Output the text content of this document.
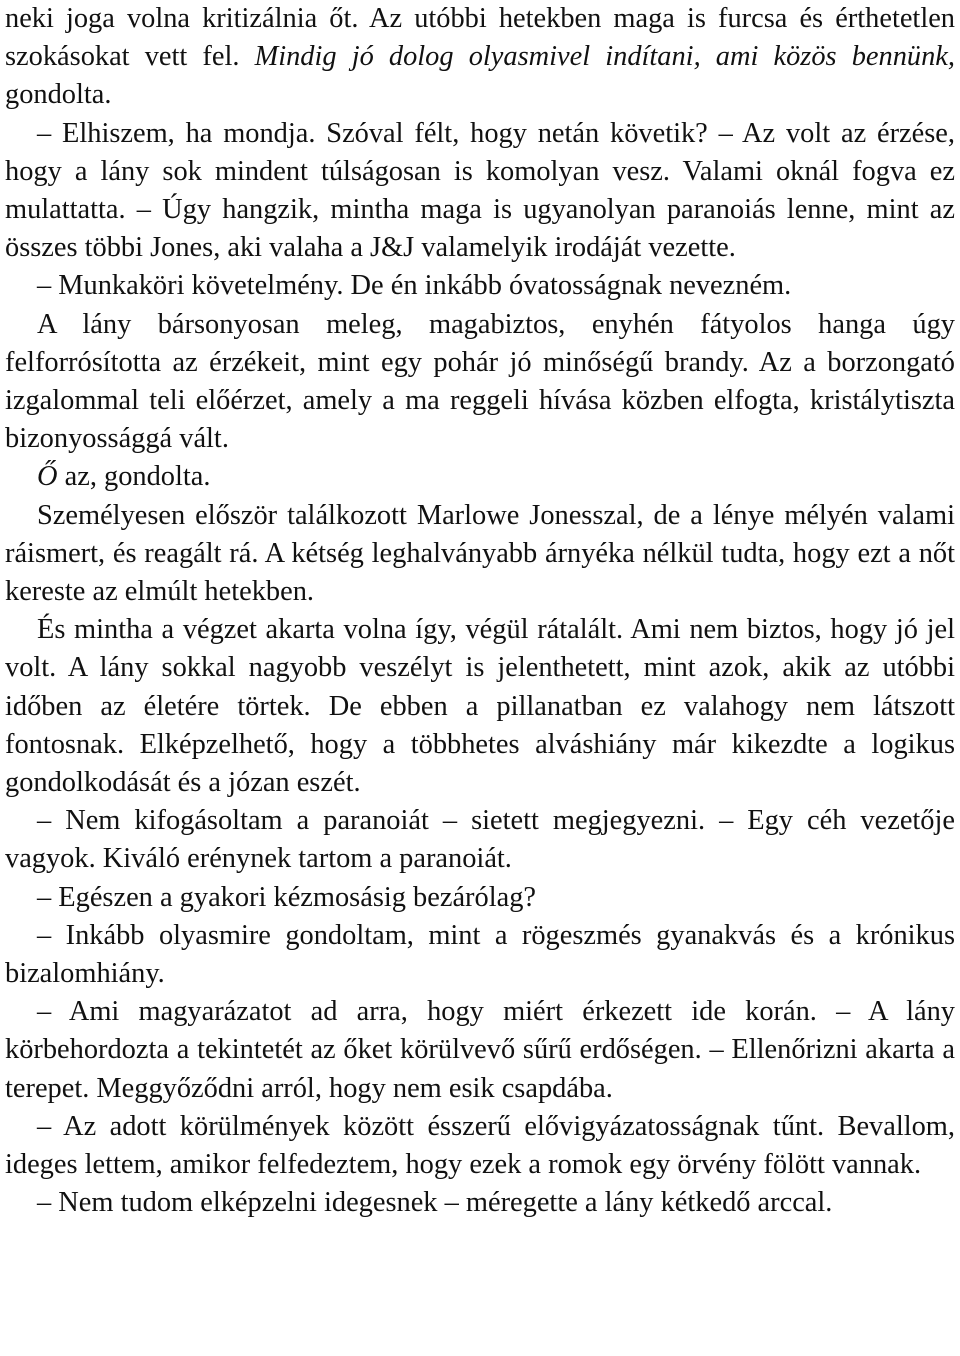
neki joga volna kritizálnia őt. Az utóbbi hetekben maga is furcsa és érthetetlen szokásokat vett fel. Mindig jó dolog olyasmivel indítani, ami közös bennünk, gondolta.

– Elhiszem, ha mondja. Szóval félt, hogy netán követik? – Az volt az érzése, hogy a lány sok mindent túlságosan is komolyan vesz. Valami oknál fogva ez mulattatta. – Úgy hangzik, mintha maga is ugyanolyan paranoiás lenne, mint az összes többi Jones, aki valaha a J&J valamelyik irodáját vezette.

– Munkaköri követelmény. De én inkább óvatosságnak nevezném.

A lány bársonyosan meleg, magabiztos, enyhén fátyolos hanga úgy felforrósította az érzékeit, mint egy pohár jó minőségű brandy. Az a borzongató izgalommal teli előérzet, amely a ma reggeli hívása közben elfogta, kristálytiszta bizonyossággá vált.

Ő az, gondolta.

Személyesen először találkozott Marlowe Jonesszal, de a lénye mélyén valami ráismert, és reagált rá. A kétség leghalványabb árnyéka nélkül tudta, hogy ezt a nőt kereste az elmúlt hetekben.

És mintha a végzet akarta volna így, végül rátalált. Ami nem biztos, hogy jó jel volt. A lány sokkal nagyobb veszélyt is jelenthetett, mint azok, akik az utóbbi időben az életére törtek. De ebben a pillanatban ez valahogy nem látszott fontosnak. Elképzelhető, hogy a többhetes alváshiány már kikezdte a logikus gondolkodását és a józan eszét.

– Nem kifogásoltam a paranoiát – sietett megjegyezni. – Egy céh vezetője vagyok. Kiváló erénynek tartom a paranoiát.

– Egészen a gyakori kézmosásig bezárólag?

– Inkább olyasmire gondoltam, mint a rögeszmés gyanakvás és a krónikus bizalomhiány.

– Ami magyarázatot ad arra, hogy miért érkezett ide korán. – A lány körbehordozta a tekintetét az őket körülvevő sűrű erdőségen. – Ellenőrizni akarta a terepet. Meggyőződni arról, hogy nem esik csapdába.

– Az adott körülmények között ésszerű elővigyázatosságnak tűnt. Bevallom, ideges lettem, amikor felfedeztem, hogy ezek a romok egy örvény fölött vannak.

– Nem tudom elképzelni idegesnek – méregette a lány kétkedő arccal.
